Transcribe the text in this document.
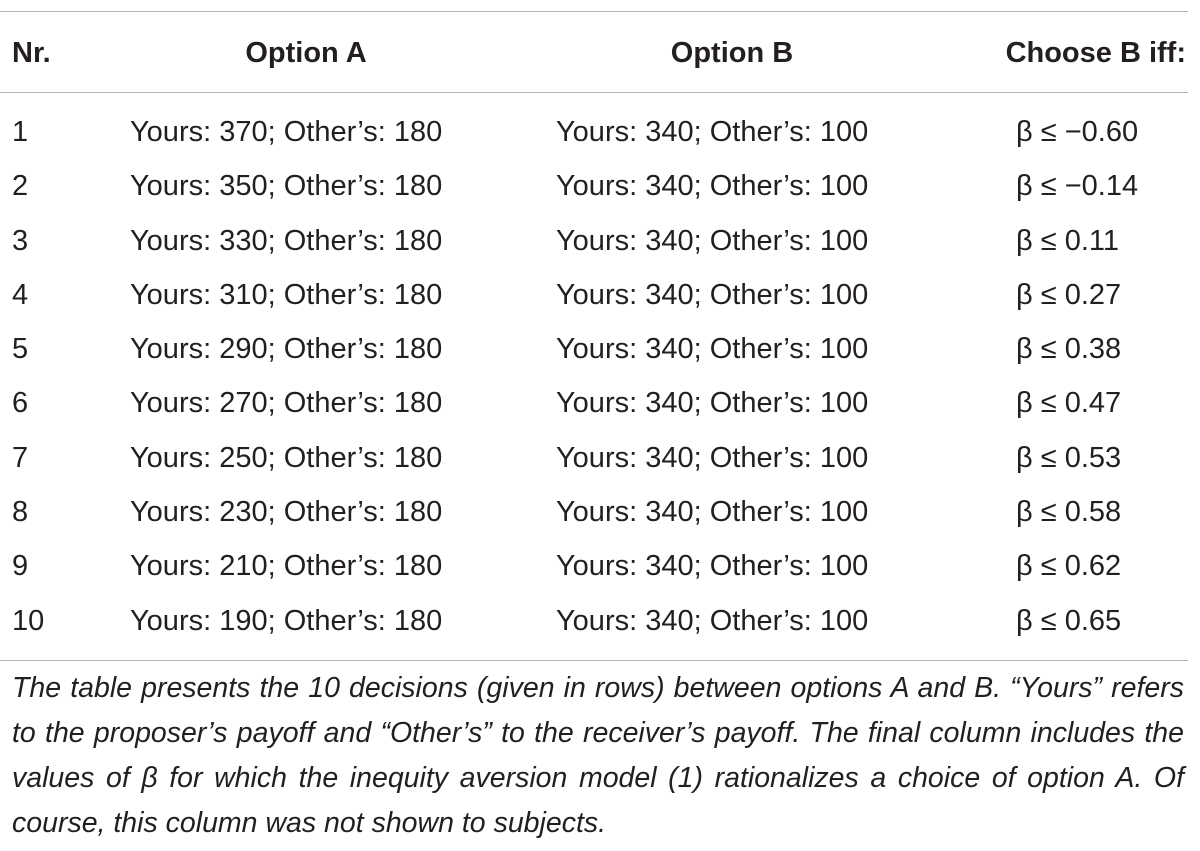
Nr.	Option A	Option B	Choose B iff:
1	Yours: 370; Other’s: 180	Yours: 340; Other’s: 100	β ≤ −0.60
2	Yours: 350; Other’s: 180	Yours: 340; Other’s: 100	β ≤ −0.14
3	Yours: 330; Other’s: 180	Yours: 340; Other’s: 100	β ≤ 0.11
4	Yours: 310; Other’s: 180	Yours: 340; Other’s: 100	β ≤ 0.27
5	Yours: 290; Other’s: 180	Yours: 340; Other’s: 100	β ≤ 0.38
6	Yours: 270; Other’s: 180	Yours: 340; Other’s: 100	β ≤ 0.47
7	Yours: 250; Other’s: 180	Yours: 340; Other’s: 100	β ≤ 0.53
8	Yours: 230; Other’s: 180	Yours: 340; Other’s: 100	β ≤ 0.58
9	Yours: 210; Other’s: 180	Yours: 340; Other’s: 100	β ≤ 0.62
10	Yours: 190; Other’s: 180	Yours: 340; Other’s: 100	β ≤ 0.65

The table presents the 10 decisions (given in rows) between options A and B. “Yours” refers to the proposer’s payoff and “Other’s” to the receiver’s payoff. The final column includes the values of β for which the inequity aversion model (1) rationalizes a choice of option A. Of course, this column was not shown to subjects.
